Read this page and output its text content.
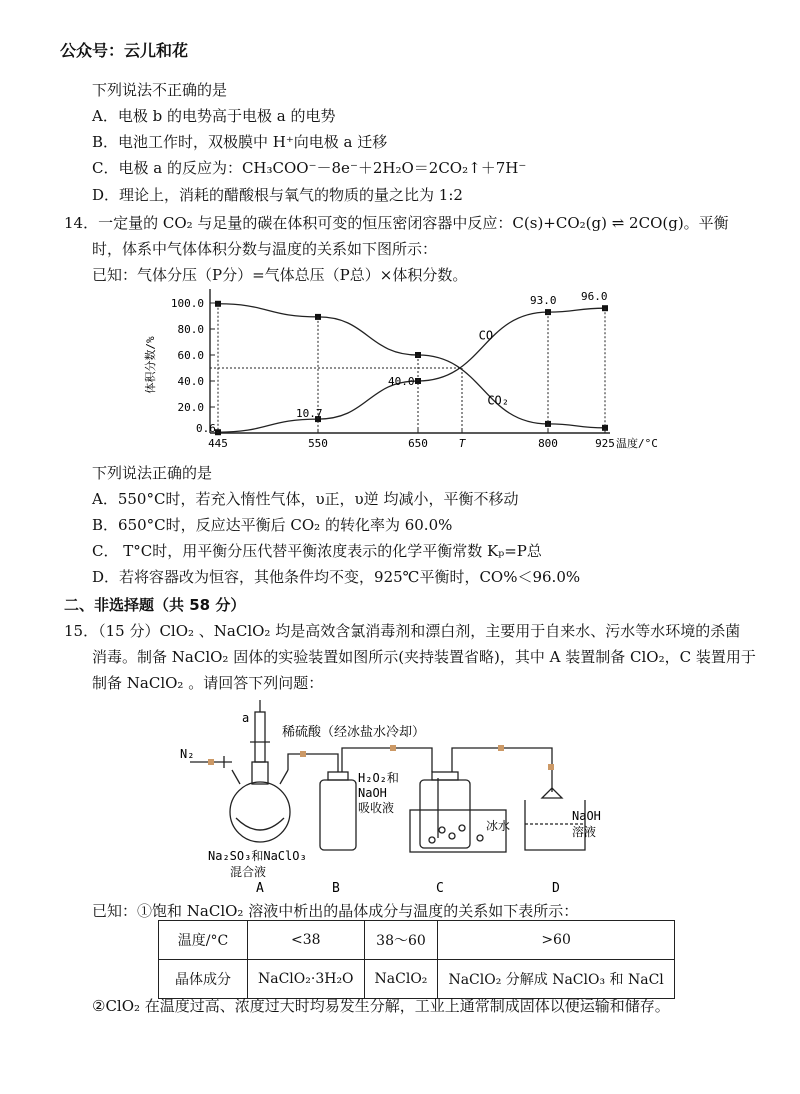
公众号：云儿和花
下列说法不正确的是
A．电极 b 的电势高于电极 a 的电势
B．电池工作时，双极膜中 H⁺向电极 a 迁移
C．电极 a 的反应为：CH₃COO⁻－8e⁻＋2H₂O＝2CO₂↑＋7H⁻
D．理论上，消耗的醋酸根与氧气的物质的量之比为 1:2
14．一定量的 CO₂ 与足量的碳在体积可变的恒压密闭容器中反应：C(s)+CO₂(g) ⇌ 2CO(g)。平衡
时，体系中气体体积分数与温度的关系如下图所示：
已知：气体分压（P分）=气体总压（P总）×体积分数。
20.0
40.0
60.0
80.0
100.0
445	550	650	T	800	925
体积分数/%
温度/°C
CO
CO₂
0.6
10.7
40.0
93.0 96.0
下列说法正确的是
A．550°C时，若充入惰性气体，υ正，υ逆 均减小，平衡不移动
B．650°C时，反应达平衡后 CO₂ 的转化率为 60.0%
C． T°C时，用平衡分压代替平衡浓度表示的化学平衡常数 Kₚ=P总
D．若将容器改为恒容，其他条件均不变，925℃平衡时，CO%＜96.0%
二、非选择题（共 58 分）
15．（15 分）ClO₂ 、NaClO₂ 均是高效含氯消毒剂和漂白剂，主要用于自来水、污水等水环境的杀菌
消毒。制备 NaClO₂ 固体的实验装置如图所示(夹持装置省略)，其中 A 装置制备 ClO₂，C 装置用于
制备 NaClO₂ 。请回答下列问题：
a
稀硫酸（经冰盐水冷却）
N₂
H₂O₂和
NaOH
吸收液
冰水
NaOH
溶液
Na₂SO₃和NaClO₃
混合液
A	B	C	D
已知：①饱和 NaClO₂ 溶液中析出的晶体成分与温度的关系如下表所示：
温度/°C	<38	38～60	>60
晶体成分	NaClO₂·3H₂O	NaClO₂	NaClO₂ 分解成 NaClO₃ 和 NaCl
②ClO₂ 在温度过高、浓度过大时均易发生分解，工业上通常制成固体以便运输和储存。
